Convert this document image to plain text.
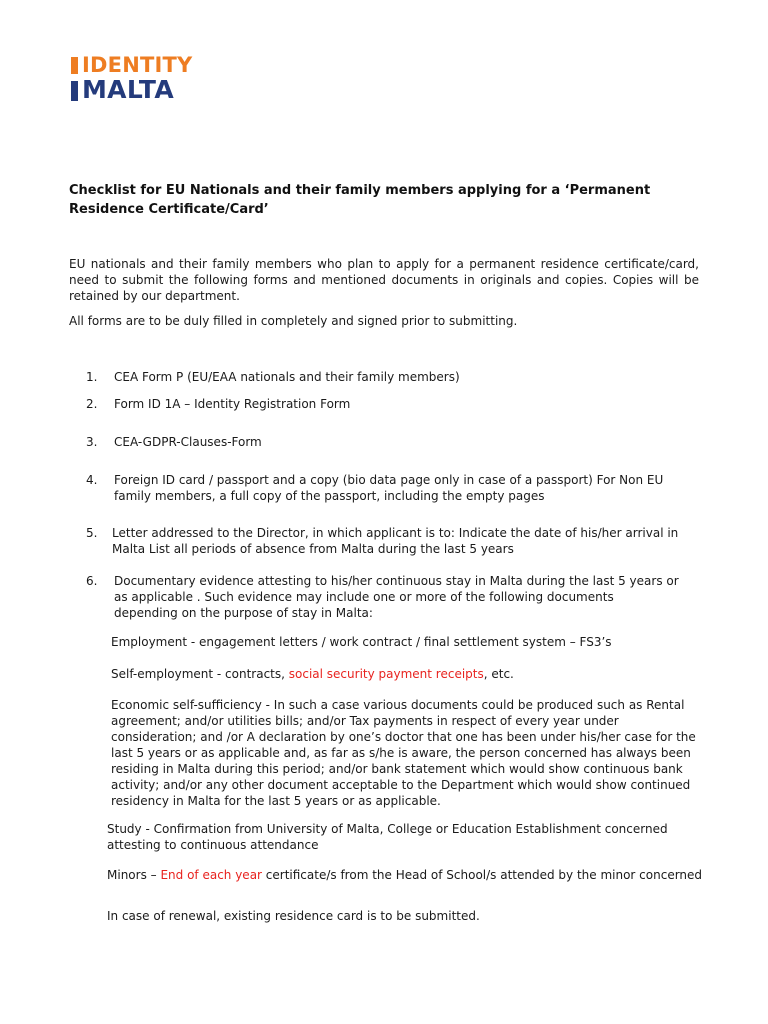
IDENTITY
MALTA
Checklist for EU Nationals and their family members applying for a ‘Permanent Residence Certificate/Card’
EU nationals and their family members who plan to apply for a permanent residence certificate/card, need to submit the following forms and mentioned documents in originals and copies. Copies will be retained by our department.
All forms are to be duly filled in completely and signed prior to submitting.
1. CEA Form P (EU/EAA nationals and their family members)
2. Form ID 1A – Identity Registration Form
3. CEA-GDPR-Clauses-Form
4. Foreign ID card / passport and a copy (bio data page only in case of a passport) For Non EU family members, a full copy of the passport, including the empty pages
5. Letter addressed to the Director, in which applicant is to: Indicate the date of his/her arrival in Malta List all periods of absence from Malta during the last 5 years
6. Documentary evidence attesting to his/her continuous stay in Malta during the last 5 years or as applicable . Such evidence may include one or more of the following documents depending on the purpose of stay in Malta:
Employment - engagement letters / work contract / final settlement system – FS3’s
Self-employment - contracts, social security payment receipts, etc.
Economic self-sufficiency - In such a case various documents could be produced such as Rental agreement; and/or utilities bills; and/or Tax payments in respect of every year under consideration; and /or A declaration by one’s doctor that one has been under his/her case for the last 5 years or as applicable and, as far as s/he is aware, the person concerned has always been residing in Malta during this period; and/or bank statement which would show continuous bank activity; and/or any other document acceptable to the Department which would show continued residency in Malta for the last 5 years or as applicable.
Study - Confirmation from University of Malta, College or Education Establishment concerned attesting to continuous attendance
Minors – End of each year certificate/s from the Head of School/s attended by the minor concerned
In case of renewal, existing residence card is to be submitted.
